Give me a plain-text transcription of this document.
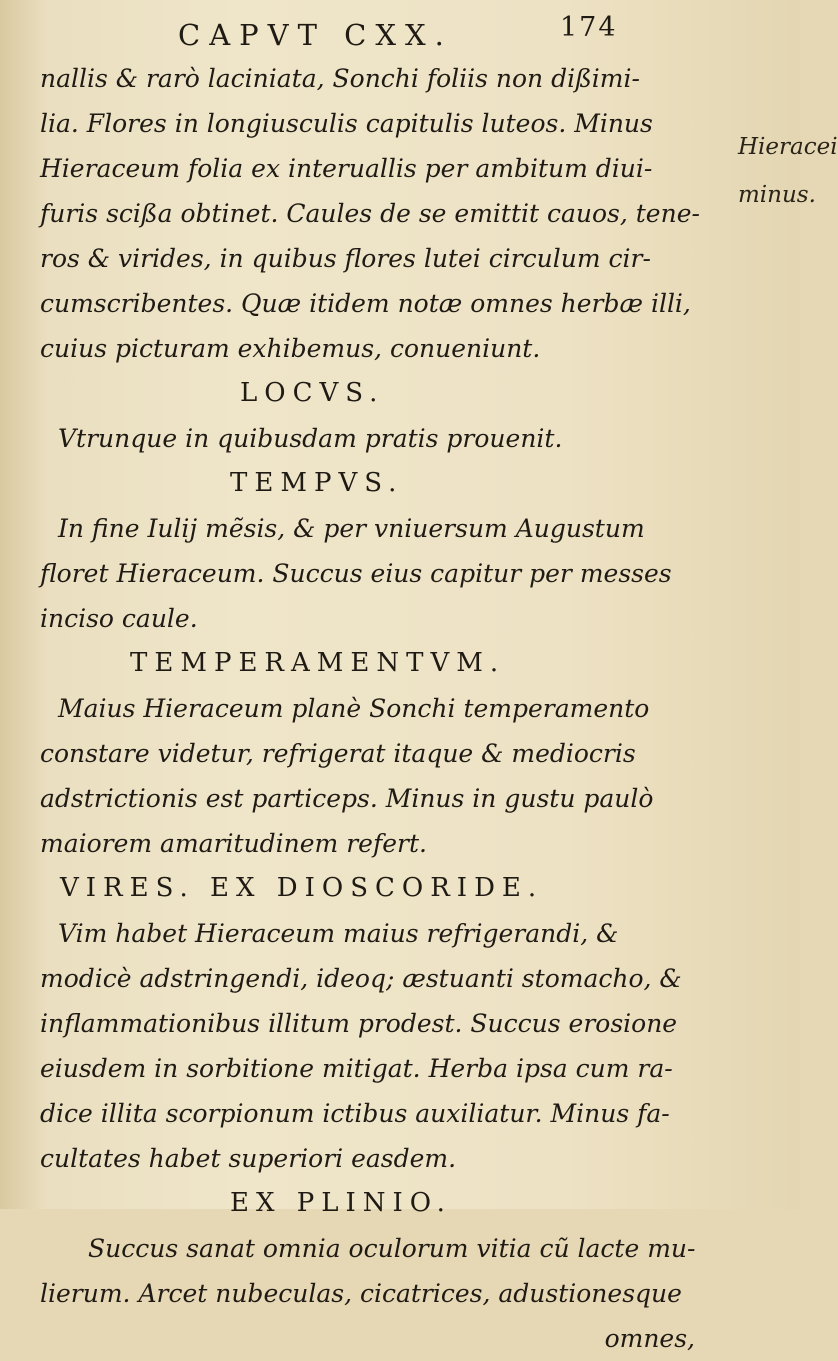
CAPVT CXX.	174
Hieracei
minus.
nallis & rarò laciniata, Sonchi foliis non dißimi-
lia. Flores in longiusculis capitulis luteos. Minus
Hieraceum folia ex interuallis per ambitum diui-
furis scißa obtinet. Caules de se emittit cauos, tene-
ros & virides, in quibus flores lutei circulum cir-
cumscribentes. Quæ itidem notæ omnes herbæ illi,
cuius picturam exhibemus, conueniunt.
LOCVS.
Vtrunque in quibusdam pratis prouenit.
TEMPVS.
In fine Iulij mẽsis, & per vniuersum Augustum
floret Hieraceum. Succus eius capitur per messes
inciso caule.
TEMPERAMENTVM.
Maius Hieraceum planè Sonchi temperamento
constare videtur, refrigerat itaque & mediocris
adstrictionis est particeps. Minus in gustu paulò
maiorem amaritudinem refert.
VIRES. EX DIOSCORIDE.
Vim habet Hieraceum maius refrigerandi, &
modicè adstringendi, ideoq; æstuanti stomacho, &
inflammationibus illitum prodest. Succus erosione
eiusdem in sorbitione mitigat. Herba ipsa cum ra-
dice illita scorpionum ictibus auxiliatur. Minus fa-
cultates habet superiori easdem.
EX PLINIO.
Succus sanat omnia oculorum vitia cũ lacte mu-
lierum. Arcet nubeculas, cicatrices, adustionesque
omnes,
